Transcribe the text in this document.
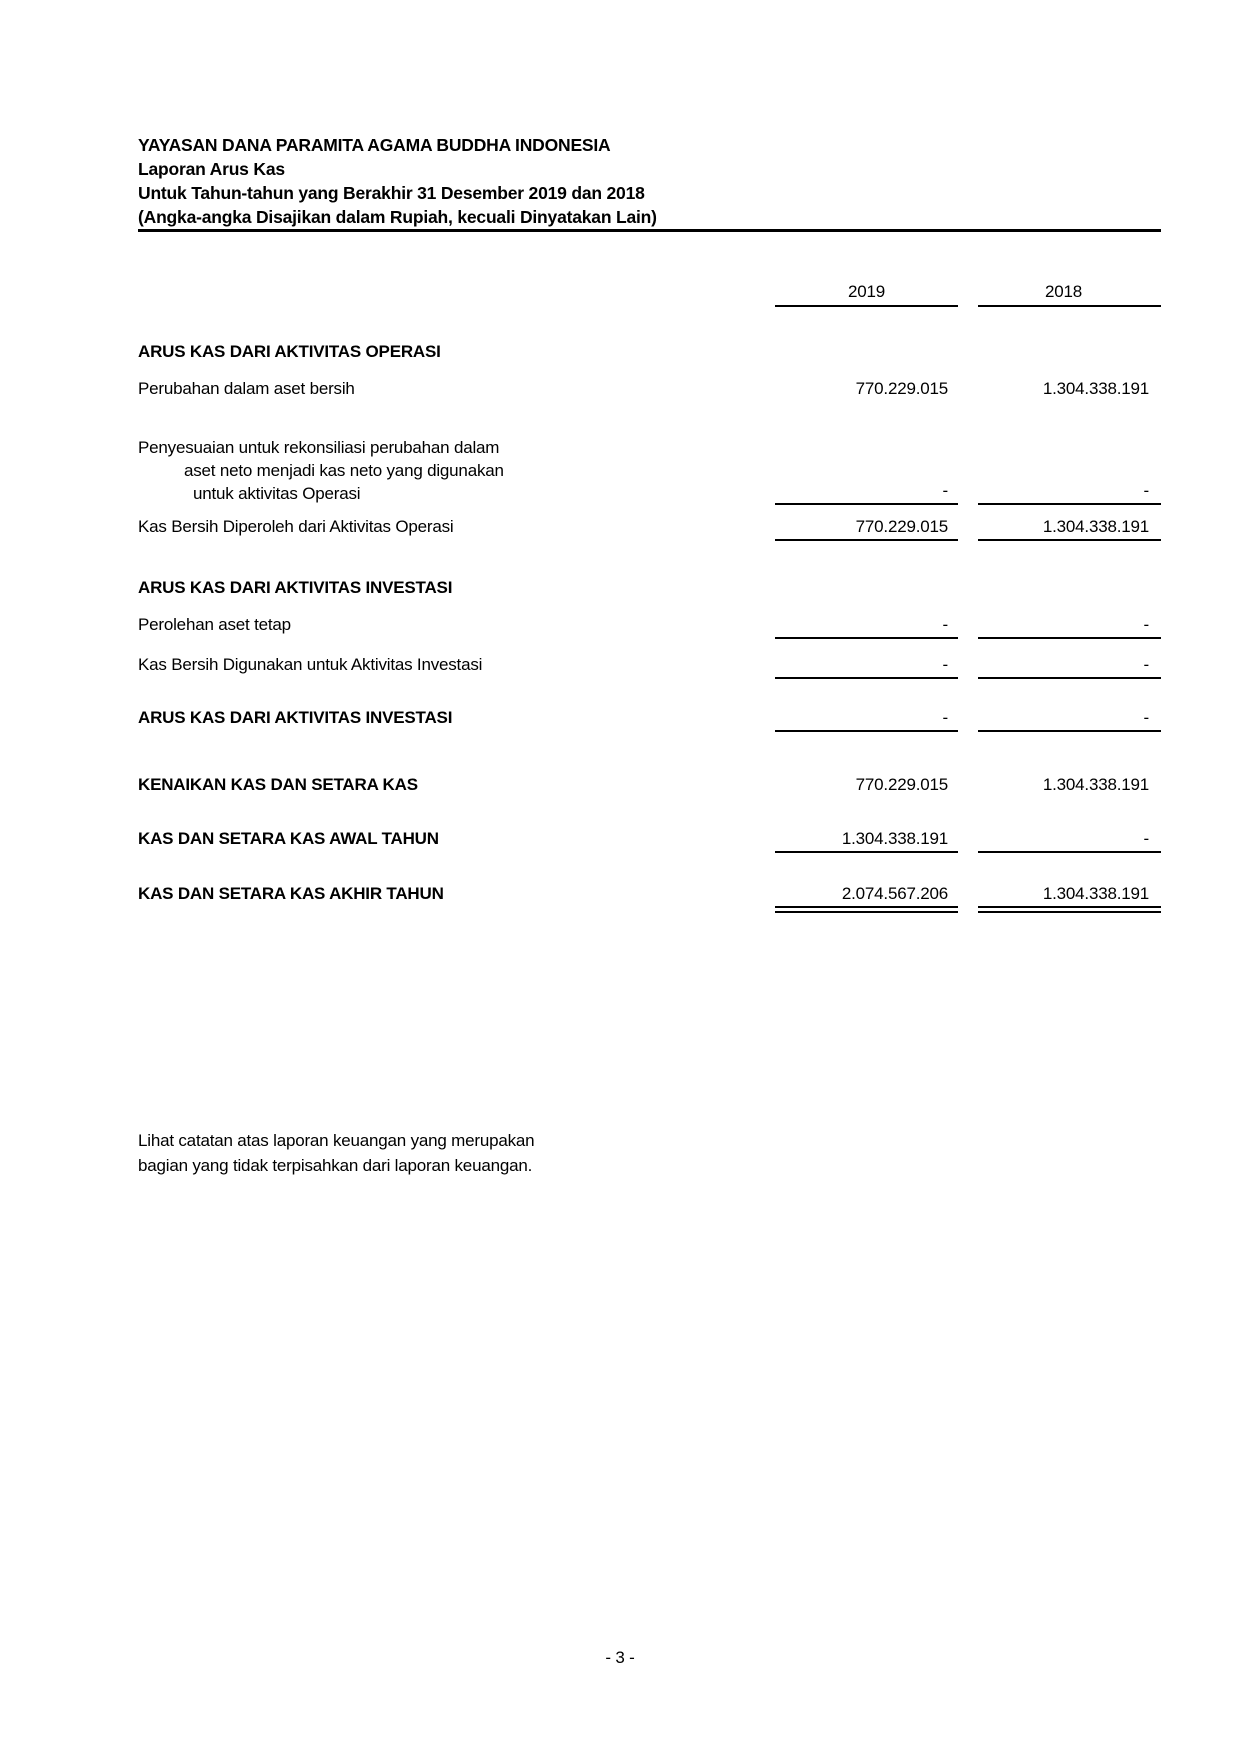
YAYASAN DANA PARAMITA AGAMA BUDDHA INDONESIA
Laporan Arus Kas
Untuk Tahun-tahun yang Berakhir 31 Desember 2019 dan 2018
(Angka-angka Disajikan dalam Rupiah, kecuali Dinyatakan Lain)
2019	2018
ARUS KAS DARI AKTIVITAS OPERASI
Perubahan dalam aset bersih	770.229.015	1.304.338.191
Penyesuaian untuk rekonsiliasi perubahan dalam
aset neto menjadi kas neto yang digunakan
untuk aktivitas Operasi	-	-
Kas Bersih Diperoleh dari Aktivitas Operasi	770.229.015	1.304.338.191
ARUS KAS DARI AKTIVITAS INVESTASI
Perolehan aset tetap	-	-
Kas Bersih Digunakan untuk Aktivitas Investasi	-	-
ARUS KAS DARI AKTIVITAS INVESTASI	-	-
KENAIKAN KAS DAN SETARA KAS	770.229.015	1.304.338.191
KAS DAN SETARA KAS AWAL TAHUN	1.304.338.191	-
KAS DAN SETARA KAS AKHIR TAHUN	2.074.567.206	1.304.338.191
Lihat catatan atas laporan keuangan yang merupakan
bagian yang tidak terpisahkan dari laporan keuangan.
- 3 -
